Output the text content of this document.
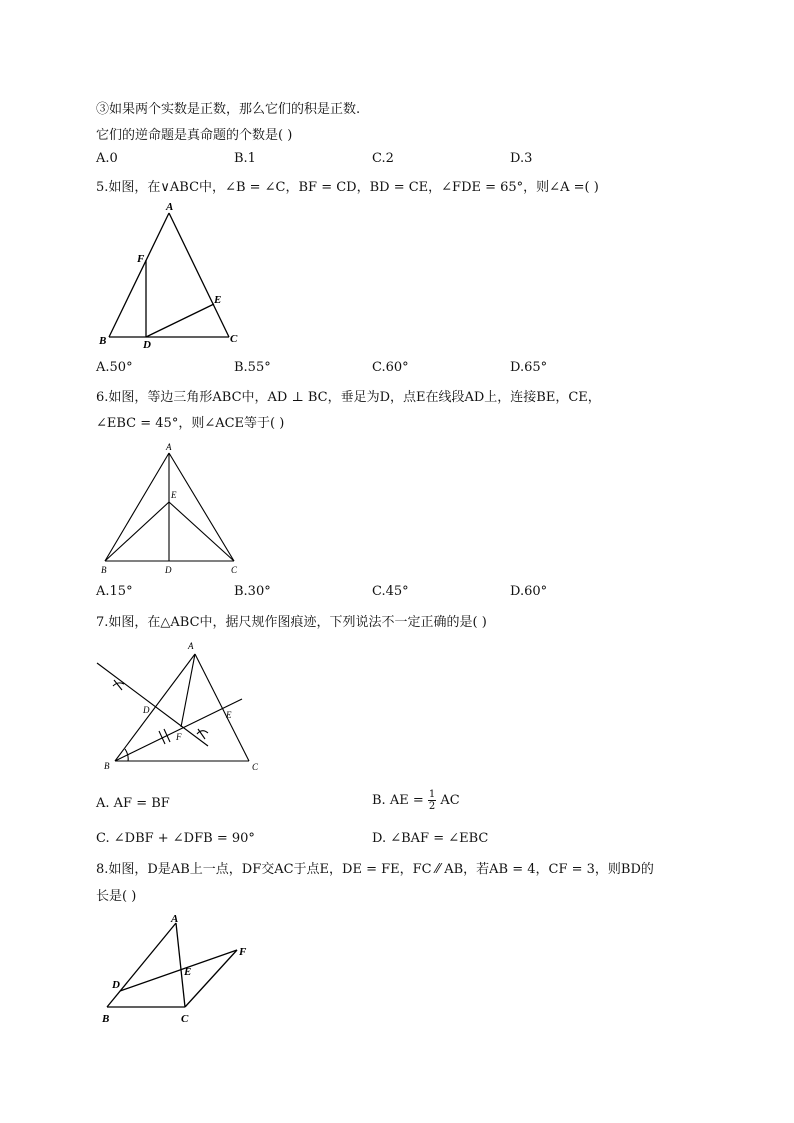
③如果两个实数是正数，那么它们的积是正数.
它们的逆命题是真命题的个数是( )
A.0	B.1	C.2	D.3
5.如图，在∨ABC中，∠B = ∠C，BF = CD，BD = CE，∠FDE = 65°，则∠A =( )
A
F
E
B	D	C
A.50°	B.55°	C.60°	D.65°
6.如图，等边三角形ABC中，AD ⊥ BC，垂足为D，点E在线段AD上，连接BE，CE，
∠EBC = 45°，则∠ACE等于( )
A
E
B	D	C
A.15°	B.30°	C.45°	D.60°
7.如图，在△ABC中，据尺规作图痕迹，下列说法不一定正确的是( )
A
D	E
F
B	C
A. AF = BF	B. AE = $\frac{1}{2}$ AC
C. ∠DBF + ∠DFB = 90°	D. ∠BAF = ∠EBC
8.如图，D是AB上一点，DF交AC于点E，DE = FE，FC ⁄⁄ AB，若AB = 4，CF = 3，则BD的
长是( )
A
F
E
D
B	C
